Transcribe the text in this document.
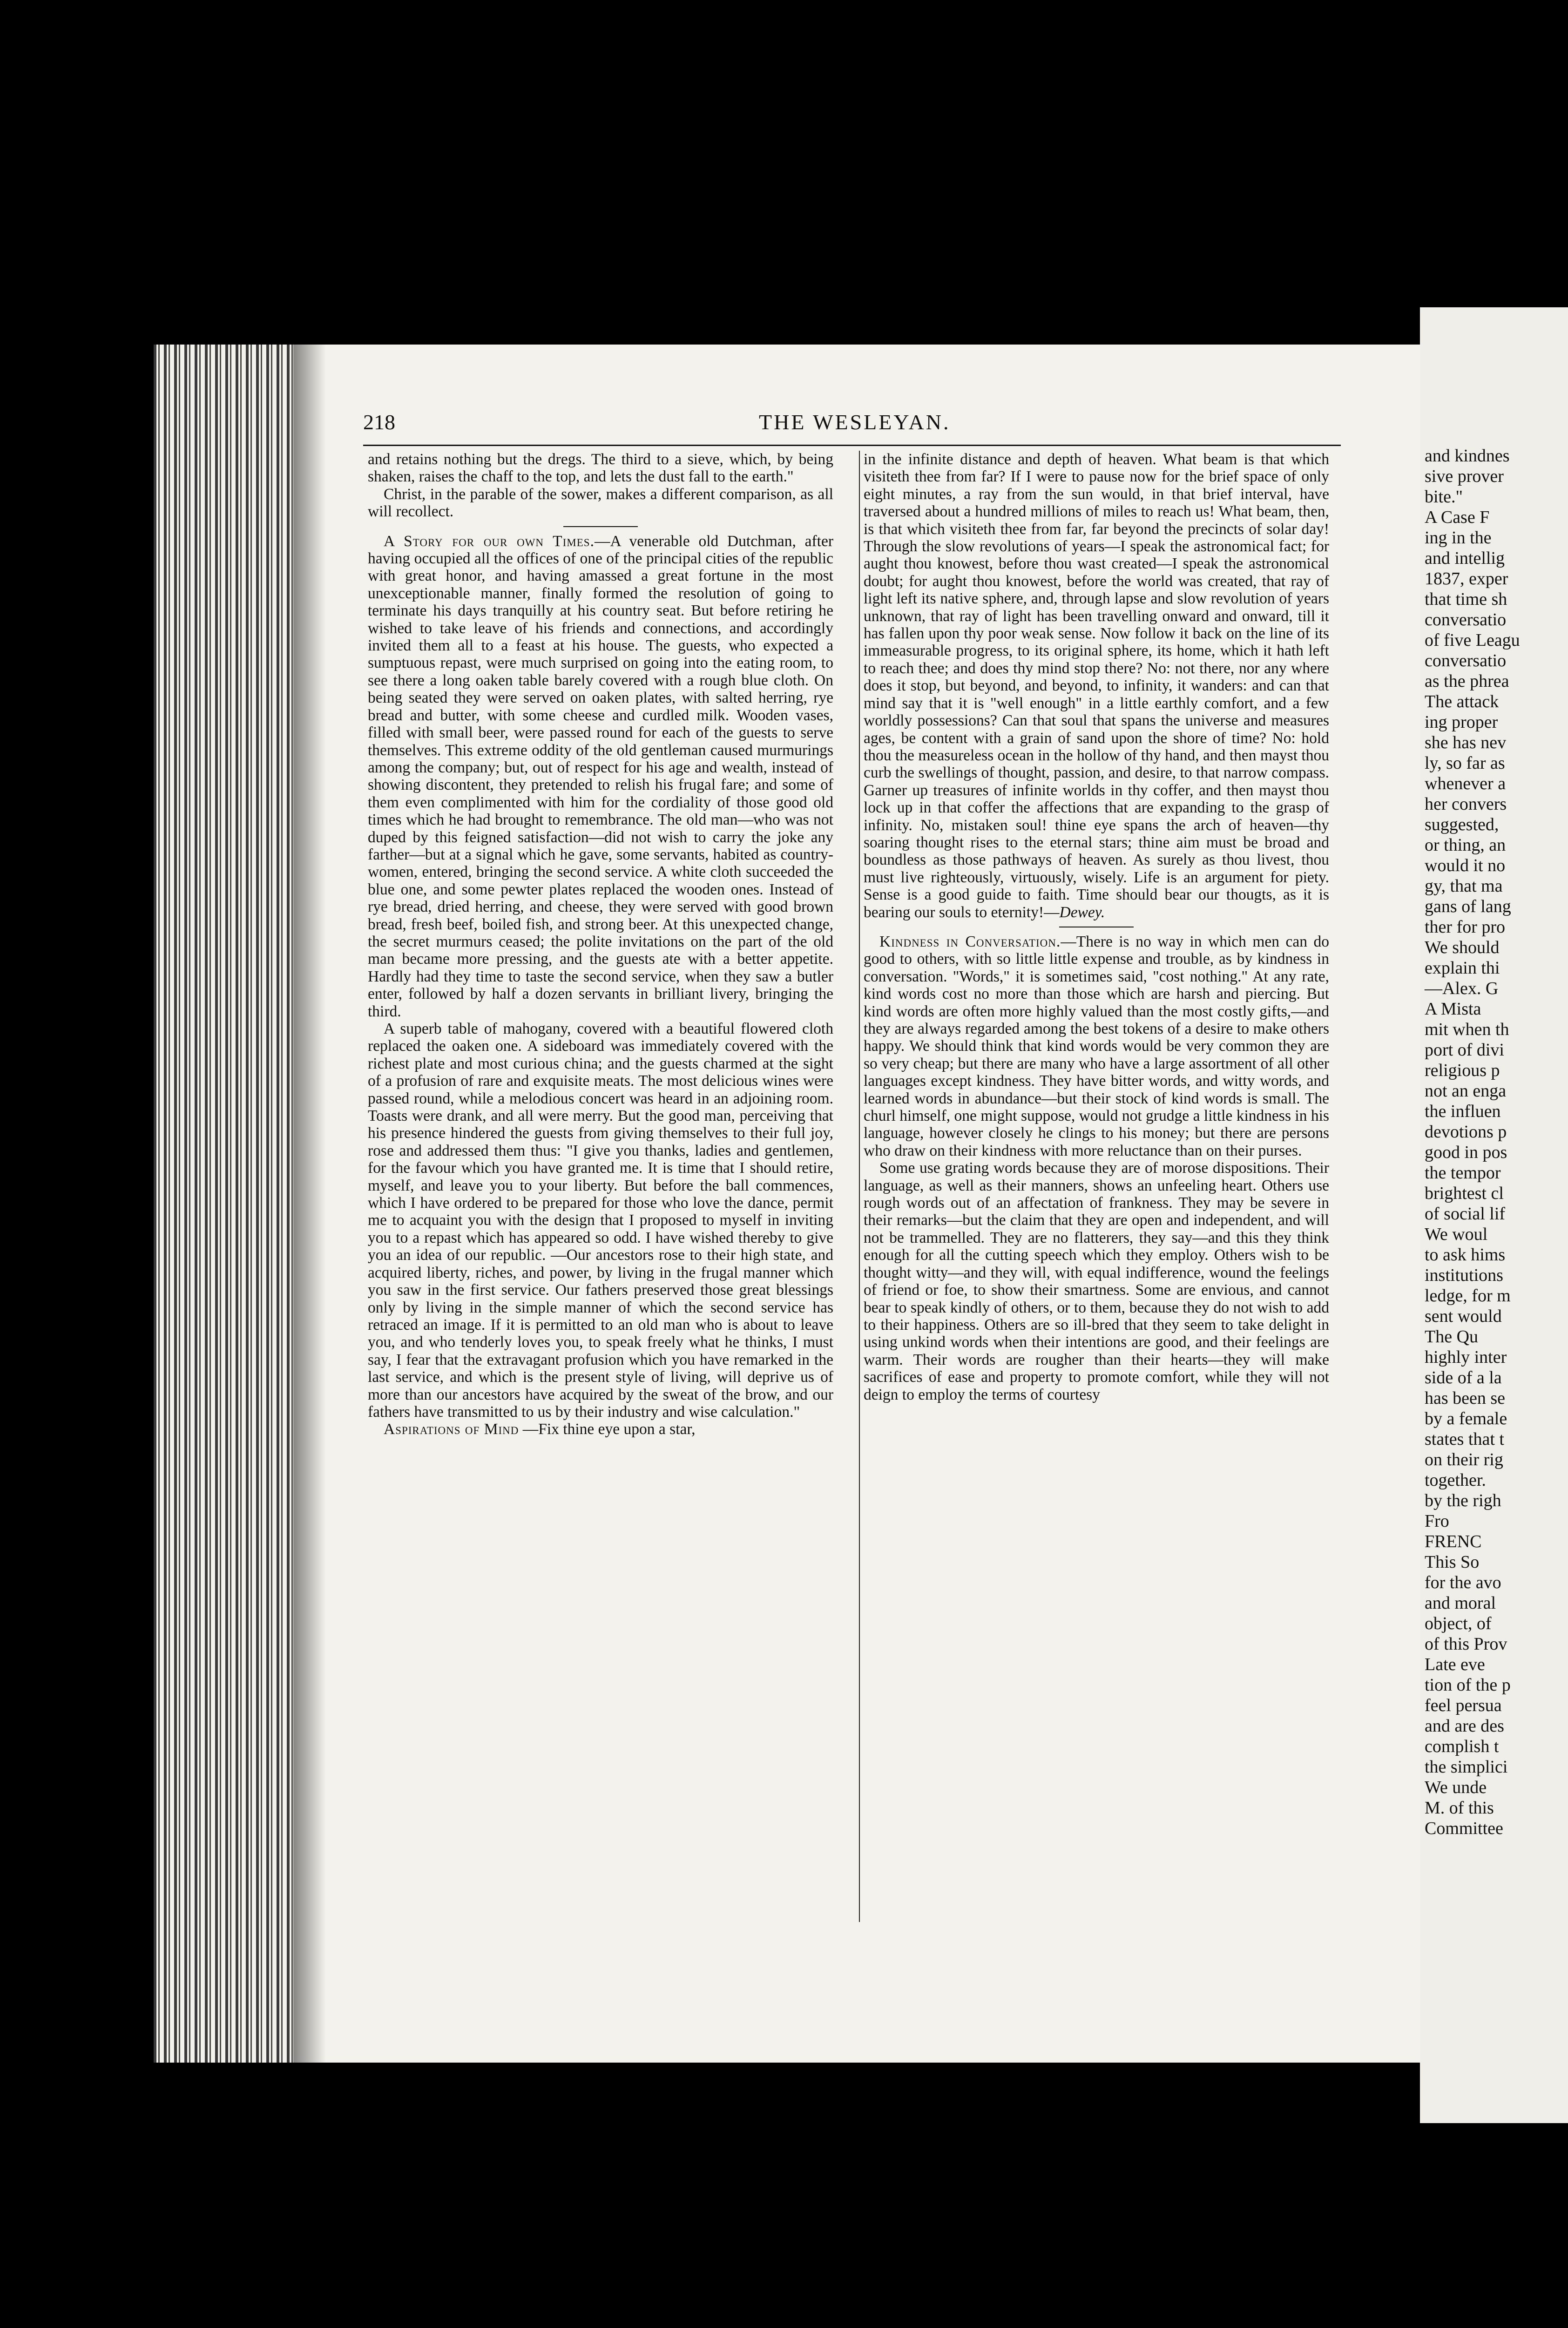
and kindnes
sive prover
bite."
A Case F
ing in the
and intellig
1837, exper
that time sh
conversatio
of five Leagu
conversatio
as the phrea
The attack
ing proper
she has nev
ly, so far as
whenever a
her convers
suggested,
or thing, an
would it no
gy, that ma
gans of lang
ther for pro
We should
explain thi
—Alex. G
A Mista
mit when th
port of divi
religious p
not an enga
the influen
devotions p
good in pos
the tempor
brightest cl
of social lif
We woul
to ask hims
institutions
ledge, for m
sent would
The Qu
highly inter
side of a la
has been se
by a female
states that t
on their rig
together.
by the righ
Fro
FRENC
This So
for the avo
and moral
object, of
of this Prov
Late eve
tion of the p
feel persua
and are des
complish t
the simplici
We unde
M. of this
Committee
218	THE WESLEYAN.

and retains nothing but the dregs. The third to a sieve, which, by being shaken, raises the chaff to the top, and lets the dust fall to the earth."

Christ, in the parable of the sower, makes a different comparison, as all will recollect.

A Story for our own Times.—A venerable old Dutchman, after having occupied all the offices of one of the principal cities of the republic with great honor, and having amassed a great fortune in the most unexceptionable manner, finally formed the resolution of going to terminate his days tranquilly at his country seat. But before retiring he wished to take leave of his friends and connections, and accordingly invited them all to a feast at his house. The guests, who expected a sumptuous repast, were much surprised on going into the eating room, to see there a long oaken table barely covered with a rough blue cloth. On being seated they were served on oaken plates, with salted herring, rye bread and butter, with some cheese and curdled milk. Wooden vases, filled with small beer, were passed round for each of the guests to serve themselves. This extreme oddity of the old gentleman caused murmurings among the company; but, out of respect for his age and wealth, instead of showing discontent, they pretended to relish his frugal fare; and some of them even complimented with him for the cordiality of those good old times which he had brought to remembrance. The old man—who was not duped by this feigned satisfaction—did not wish to carry the joke any farther—but at a signal which he gave, some servants, habited as country-women, entered, bringing the second service. A white cloth succeeded the blue one, and some pewter plates replaced the wooden ones. Instead of rye bread, dried herring, and cheese, they were served with good brown bread, fresh beef, boiled fish, and strong beer. At this unexpected change, the secret murmurs ceased; the polite invitations on the part of the old man became more pressing, and the guests ate with a better appetite. Hardly had they time to taste the second service, when they saw a butler enter, followed by half a dozen servants in brilliant livery, bringing the third.

A superb table of mahogany, covered with a beautiful flowered cloth replaced the oaken one. A sideboard was immediately covered with the richest plate and most curious china; and the guests charmed at the sight of a profusion of rare and exquisite meats. The most delicious wines were passed round, while a melodious concert was heard in an adjoining room. Toasts were drank, and all were merry. But the good man, perceiving that his presence hindered the guests from giving themselves to their full joy, rose and addressed them thus: "I give you thanks, ladies and gentlemen, for the favour which you have granted me. It is time that I should retire, myself, and leave you to your liberty. But before the ball commences, which I have ordered to be prepared for those who love the dance, permit me to acquaint you with the design that I proposed to myself in inviting you to a repast which has appeared so odd. I have wished thereby to give you an idea of our republic. —Our ancestors rose to their high state, and acquired liberty, riches, and power, by living in the frugal manner which you saw in the first service. Our fathers preserved those great blessings only by living in the simple manner of which the second service has retraced an image. If it is permitted to an old man who is about to leave you, and who tenderly loves you, to speak freely what he thinks, I must say, I fear that the extravagant profusion which you have remarked in the last service, and which is the present style of living, will deprive us of more than our ancestors have acquired by the sweat of the brow, and our fathers have transmitted to us by their industry and wise calculation."

Aspirations of Mind —Fix thine eye upon a star,

in the infinite distance and depth of heaven. What beam is that which visiteth thee from far? If I were to pause now for the brief space of only eight minutes, a ray from the sun would, in that brief interval, have traversed about a hundred millions of miles to reach us! What beam, then, is that which visiteth thee from far, far beyond the precincts of solar day! Through the slow revolutions of years—I speak the astronomical fact; for aught thou knowest, before thou wast created—I speak the astronomical doubt; for aught thou knowest, before the world was created, that ray of light left its native sphere, and, through lapse and slow revolution of years unknown, that ray of light has been travelling onward and onward, till it has fallen upon thy poor weak sense. Now follow it back on the line of its immeasurable progress, to its original sphere, its home, which it hath left to reach thee; and does thy mind stop there? No: not there, nor any where does it stop, but beyond, and beyond, to infinity, it wanders: and can that mind say that it is "well enough" in a little earthly comfort, and a few worldly possessions? Can that soul that spans the universe and measures ages, be content with a grain of sand upon the shore of time? No: hold thou the measureless ocean in the hollow of thy hand, and then mayst thou curb the swellings of thought, passion, and desire, to that narrow compass. Garner up treasures of infinite worlds in thy coffer, and then mayst thou lock up in that coffer the affections that are expanding to the grasp of infinity. No, mistaken soul! thine eye spans the arch of heaven—thy soaring thought rises to the eternal stars; thine aim must be broad and boundless as those pathways of heaven. As surely as thou livest, thou must live righteously, virtuously, wisely. Life is an argument for piety. Sense is a good guide to faith. Time should bear our thougts, as it is bearing our souls to eternity!—Dewey.

Kindness in Conversation.—There is no way in which men can do good to others, with so little little expense and trouble, as by kindness in conversation. "Words," it is sometimes said, "cost nothing." At any rate, kind words cost no more than those which are harsh and piercing. But kind words are often more highly valued than the most costly gifts,—and they are always regarded among the best tokens of a desire to make others happy. We should think that kind words would be very common they are so very cheap; but there are many who have a large assortment of all other languages except kindness. They have bitter words, and witty words, and learned words in abundance—but their stock of kind words is small. The churl himself, one might suppose, would not grudge a little kindness in his language, however closely he clings to his money; but there are persons who draw on their kindness with more reluctance than on their purses.

Some use grating words because they are of morose dispositions. Their language, as well as their manners, shows an unfeeling heart. Others use rough words out of an affectation of frankness. They may be severe in their remarks—but the claim that they are open and independent, and will not be trammelled. They are no flatterers, they say—and this they think enough for all the cutting speech which they employ. Others wish to be thought witty—and they will, with equal indifference, wound the feelings of friend or foe, to show their smartness. Some are envious, and cannot bear to speak kindly of others, or to them, because they do not wish to add to their happiness. Others are so ill-bred that they seem to take delight in using unkind words when their intentions are good, and their feelings are warm. Their words are rougher than their hearts—they will make sacrifices of ease and property to promote comfort, while they will not deign to employ the terms of courtesy
